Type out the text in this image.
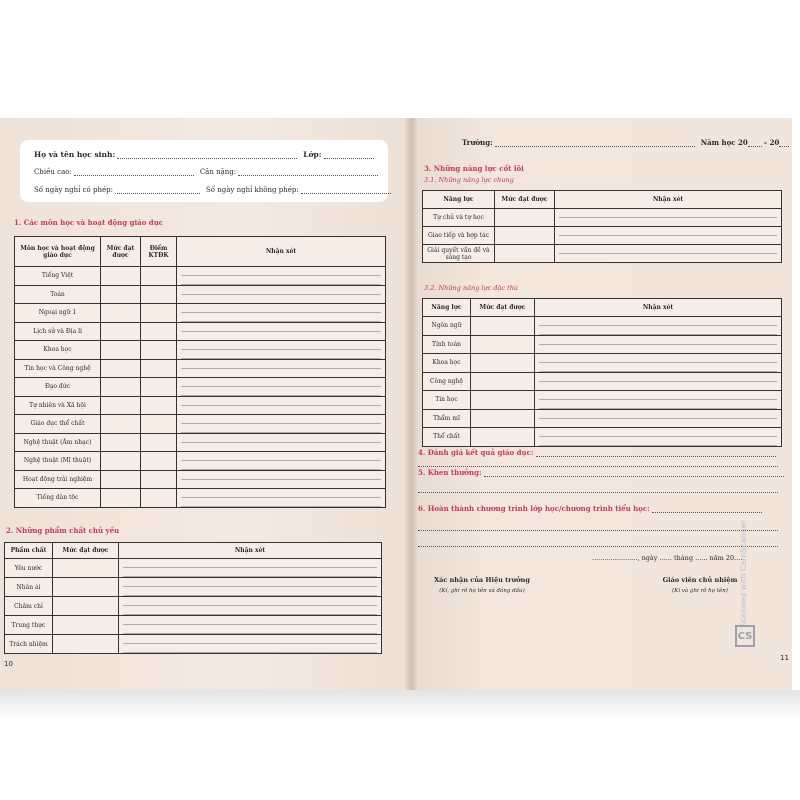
Họ và tên học sinh:	Lớp:
Chiều cao:	Cân nặng:
Số ngày nghỉ có phép:	Số ngày nghỉ không phép:
1. Các môn học và hoạt động giáo dục
Môn học và hoạt động giáo dục	Mức đạt được	Điểm KTĐK	Nhận xét
Tiếng Việt			

Toán			

Ngoại ngữ 1			

Lịch sử và Địa lí			

Khoa học			

Tin học và Công nghệ			

Đạo đức			

Tự nhiên và Xã hội			

Giáo dục thể chất			

Nghệ thuật (Âm nhạc)			

Nghệ thuật (Mĩ thuật)			

Hoạt động trải nghiệm			

Tiếng dân tộc			
2. Những phẩm chất chủ yếu
Phẩm chất	Mức đạt được	Nhận xét
Yêu nước		

Nhân ái		

Chăm chỉ		

Trung thực		

Trách nhiệm		
10
Trường:	Năm học 20 – 20
3. Những năng lực cốt lõi
3.1. Những năng lực chung
Năng lực	Mức đạt được	Nhận xét
Tự chủ và tự học		

Giao tiếp và hợp tác		

Giải quyết vấn đề và sáng tạo		
3.2. Những năng lực đặc thù
Năng lực	Mức đạt được	Nhận xét
Ngôn ngữ		

Tính toán		

Khoa học		

Công nghệ		

Tin học		

Thẩm mĩ		

Thể chất		
4. Đánh giá kết quả giáo dục:
5. Khen thưởng:
6. Hoàn thành chương trình lớp học/chương trình tiểu học:
......................, ngày ...... tháng ...... năm 20....
Xác nhận của Hiệu trưởng
(Kí, ghi rõ họ tên và đóng dấu)
Giáo viên chủ nhiệm
(Kí và ghi rõ họ tên)
11
Scanned with CamScanner
CS
